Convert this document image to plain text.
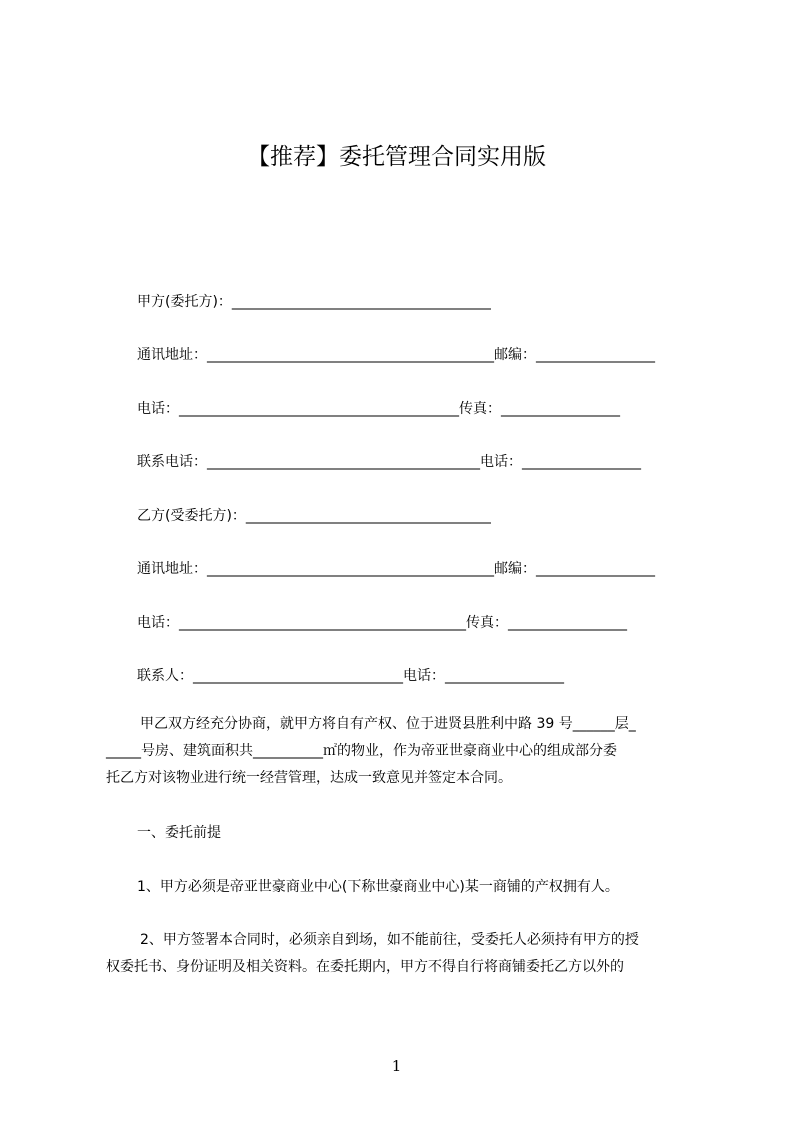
【推荐】委托管理合同实用版
甲方(委托方)：_____________________________________
通讯地址：_________________________________________邮编：_________________
电话：________________________________________传真：_________________
联系电话：_______________________________________电话：_________________
乙方(受委托方)：___________________________________
通讯地址：_________________________________________邮编：_________________
电话：_________________________________________传真：_________________
联系人：______________________________电话：_________________
甲乙双方经充分协商，就甲方将自有产权、位于进贤县胜利中路 39 号______层_
_____号房、建筑面积共__________㎡的物业，作为帝亚世豪商业中心的组成部分委
托乙方对该物业进行统一经营管理，达成一致意见并签定本合同。
一、委托前提
1、甲方必须是帝亚世豪商业中心(下称世豪商业中心)某一商铺的产权拥有人。
2、甲方签署本合同时，必须亲自到场，如不能前往，受委托人必须持有甲方的授
权委托书、身份证明及相关资料。在委托期内，甲方不得自行将商铺委托乙方以外的
1
